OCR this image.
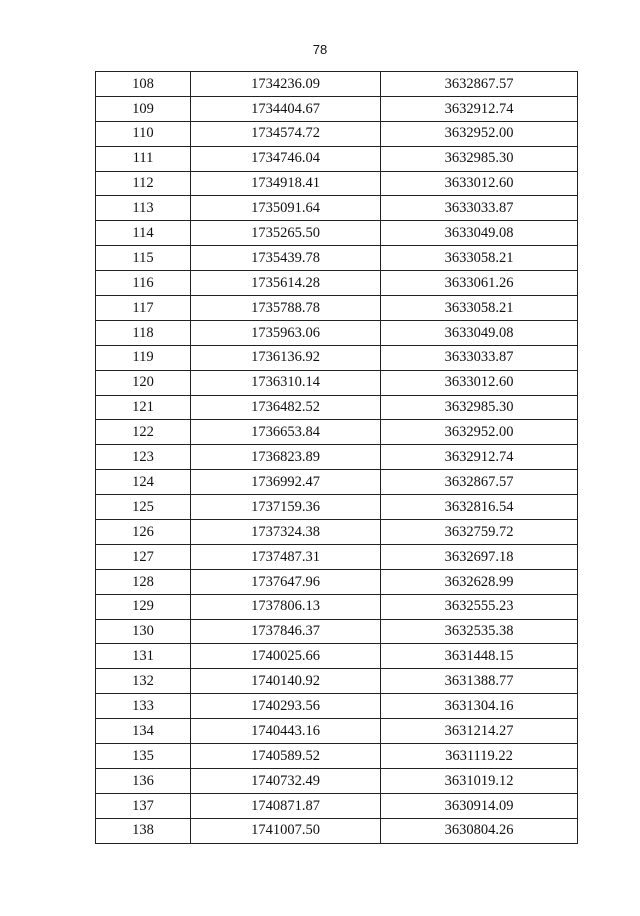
78
108	1734236.09	3632867.57
109	1734404.67	3632912.74
110	1734574.72	3632952.00
111	1734746.04	3632985.30
112	1734918.41	3633012.60
113	1735091.64	3633033.87
114	1735265.50	3633049.08
115	1735439.78	3633058.21
116	1735614.28	3633061.26
117	1735788.78	3633058.21
118	1735963.06	3633049.08
119	1736136.92	3633033.87
120	1736310.14	3633012.60
121	1736482.52	3632985.30
122	1736653.84	3632952.00
123	1736823.89	3632912.74
124	1736992.47	3632867.57
125	1737159.36	3632816.54
126	1737324.38	3632759.72
127	1737487.31	3632697.18
128	1737647.96	3632628.99
129	1737806.13	3632555.23
130	1737846.37	3632535.38
131	1740025.66	3631448.15
132	1740140.92	3631388.77
133	1740293.56	3631304.16
134	1740443.16	3631214.27
135	1740589.52	3631119.22
136	1740732.49	3631019.12
137	1740871.87	3630914.09
138	1741007.50	3630804.26
